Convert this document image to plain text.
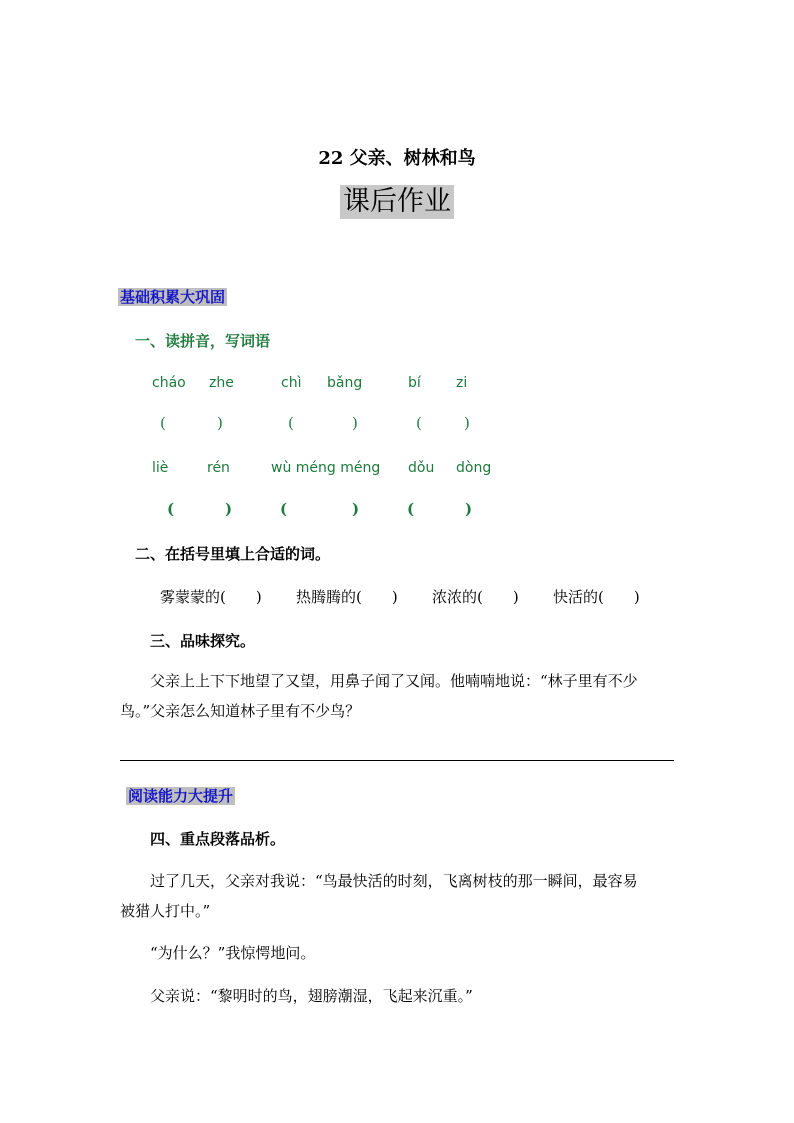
22 父亲、树林和鸟
课后作业
基础积累大巩固
一、读拼音，写词语
cháo zhe	chì bǎng	bí	zi
(	)	(	)	(	)
liè	rén	wù méng méng dǒu dòng
(	)	(	)	(	)
二、在括号里填上合适的词。
雾蒙蒙的(　　) 热腾腾的(　　) 浓浓的(　　) 快活的(　　)
三、品味探究。
父亲上上下下地望了又望，用鼻子闻了又闻。他喃喃地说：“林子里有不少
鸟。”父亲怎么知道林子里有不少鸟？
阅读能力大提升
四、重点段落品析。
过了几天，父亲对我说：“鸟最快活的时刻，飞离树枝的那一瞬间，最容易
被猎人打中。”
“为什么？”我惊愕地问。
父亲说：“黎明时的鸟，翅膀潮湿，飞起来沉重。”
